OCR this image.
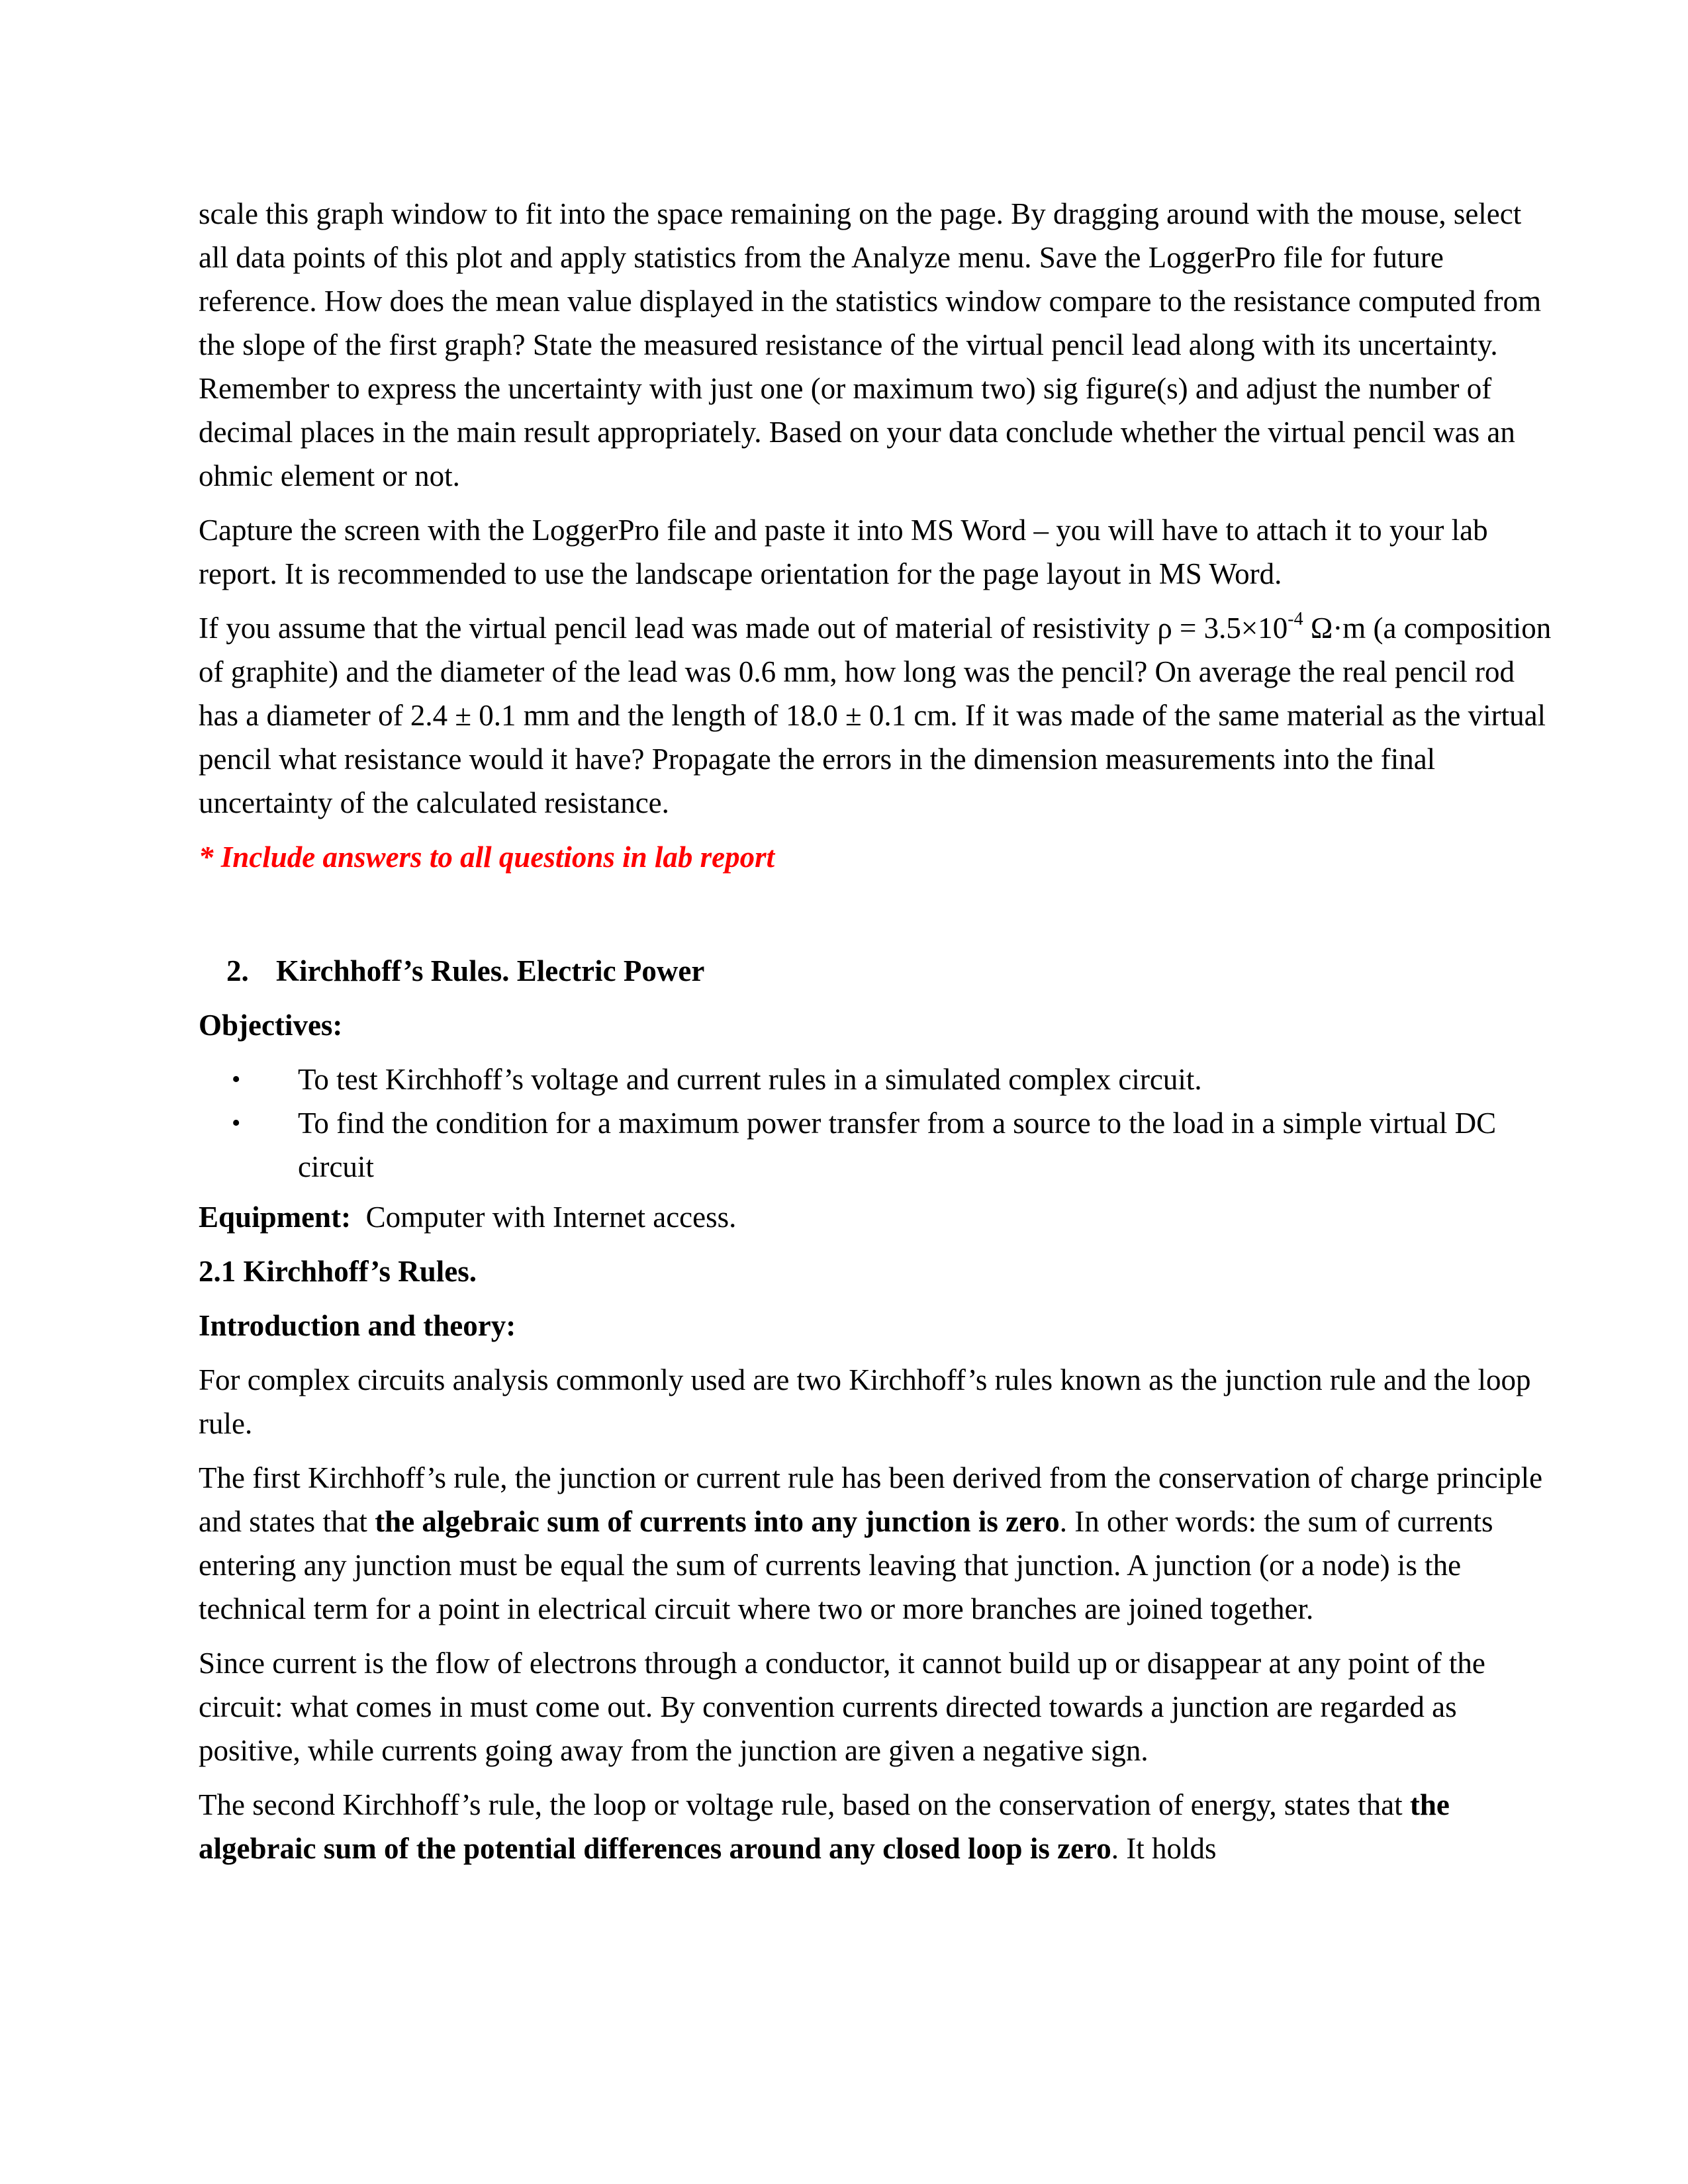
scale this graph window to fit into the space remaining on the page. By dragging around with the mouse, select all data points of this plot and apply statistics from the Analyze menu. Save the LoggerPro file for future reference. How does the mean value displayed in the statistics window compare to the resistance computed from the slope of the first graph? State the measured resistance of the virtual pencil lead along with its uncertainty. Remember to express the uncertainty with just one (or maximum two) sig figure(s) and adjust the number of decimal places in the main result appropriately. Based on your data conclude whether the virtual pencil was an ohmic element or not.

Capture the screen with the LoggerPro file and paste it into MS Word – you will have to attach it to your lab report. It is recommended to use the landscape orientation for the page layout in MS Word.

If you assume that the virtual pencil lead was made out of material of resistivity $\rho = 3.5\times 10^{-4}$ Ω·m (a composition of graphite) and the diameter of the lead was 0.6 mm, how long was the pencil? On average the real pencil rod has a diameter of 2.4 ± 0.1 mm and the length of 18.0 ± 0.1 cm. If it was made of the same material as the virtual pencil what resistance would it have? Propagate the errors in the dimension measurements into the final uncertainty of the calculated resistance.

* Include answers to all questions in lab report

2. Kirchhoff’s Rules. Electric Power
Objectives:
•	To test Kirchhoff’s voltage and current rules in a simulated complex circuit.
•	To find the condition for a maximum power transfer from a source to the load in a simple virtual DC circuit

Equipment:  Computer with Internet access.

2.1 Kirchhoff’s Rules.
Introduction and theory:

For complex circuits analysis commonly used are two Kirchhoff’s rules known as the junction rule and the loop rule.

The first Kirchhoff’s rule, the junction or current rule has been derived from the conservation of charge principle and states that the algebraic sum of currents into any junction is zero. In other words: the sum of currents entering any junction must be equal the sum of currents leaving that junction. A junction (or a node) is the technical term for a point in electrical circuit where two or more branches are joined together.

Since current is the flow of electrons through a conductor, it cannot build up or disappear at any point of the circuit: what comes in must come out. By convention currents directed towards a junction are regarded as positive, while currents going away from the junction are given a negative sign.

The second Kirchhoff’s rule, the loop or voltage rule, based on the conservation of energy, states that the algebraic sum of the potential differences around any closed loop is zero. It holds
